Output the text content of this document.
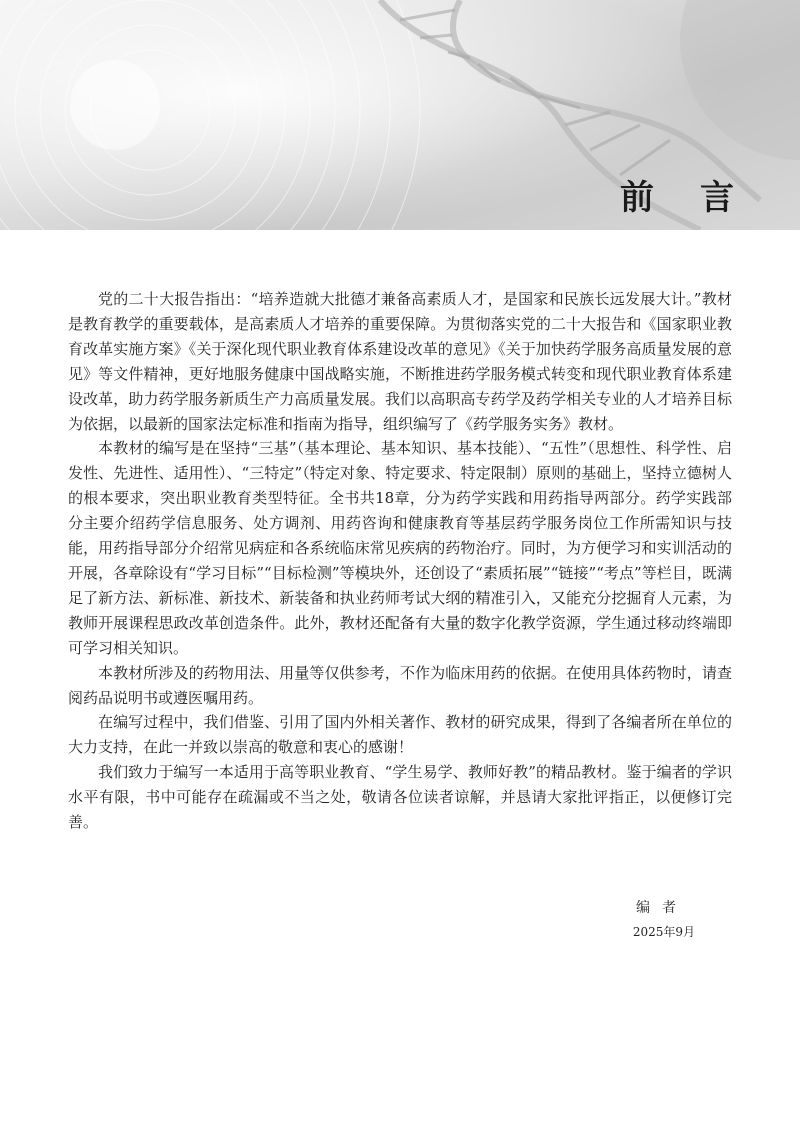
前言

党的二十大报告指出：“培养造就大批德才兼备高素质人才，是国家和民族长远发展大计。”教材是教育教学的重要载体，是高素质人才培养的重要保障。为贯彻落实党的二十大报告和《国家职业教育改革实施方案》《关于深化现代职业教育体系建设改革的意见》《关于加快药学服务高质量发展的意见》等文件精神，更好地服务健康中国战略实施，不断推进药学服务模式转变和现代职业教育体系建设改革，助力药学服务新质生产力高质量发展。我们以高职高专药学及药学相关专业的人才培养目标为依据，以最新的国家法定标准和指南为指导，组织编写了《药学服务实务》教材。

本教材的编写是在坚持“三基”（基本理论、基本知识、基本技能）、“五性”（思想性、科学性、启发性、先进性、适用性）、“三特定”（特定对象、特定要求、特定限制）原则的基础上，坚持立德树人的根本要求，突出职业教育类型特征。全书共18章，分为药学实践和用药指导两部分。药学实践部分主要介绍药学信息服务、处方调剂、用药咨询和健康教育等基层药学服务岗位工作所需知识与技能，用药指导部分介绍常见病症和各系统临床常见疾病的药物治疗。同时，为方便学习和实训活动的开展，各章除设有“学习目标”“目标检测”等模块外，还创设了“素质拓展”“链接”“考点”等栏目，既满足了新方法、新标准、新技术、新装备和执业药师考试大纲的精准引入，又能充分挖掘育人元素，为教师开展课程思政改革创造条件。此外，教材还配备有大量的数字化教学资源，学生通过移动终端即可学习相关知识。

本教材所涉及的药物用法、用量等仅供参考，不作为临床用药的依据。在使用具体药物时，请查阅药品说明书或遵医嘱用药。

在编写过程中，我们借鉴、引用了国内外相关著作、教材的研究成果，得到了各编者所在单位的大力支持，在此一并致以崇高的敬意和衷心的感谢！

我们致力于编写一本适用于高等职业教育、“学生易学、教师好教”的精品教材。鉴于编者的学识水平有限，书中可能存在疏漏或不当之处，敬请各位读者谅解，并恳请大家批评指正，以便修订完善。

编者
2025年9月
